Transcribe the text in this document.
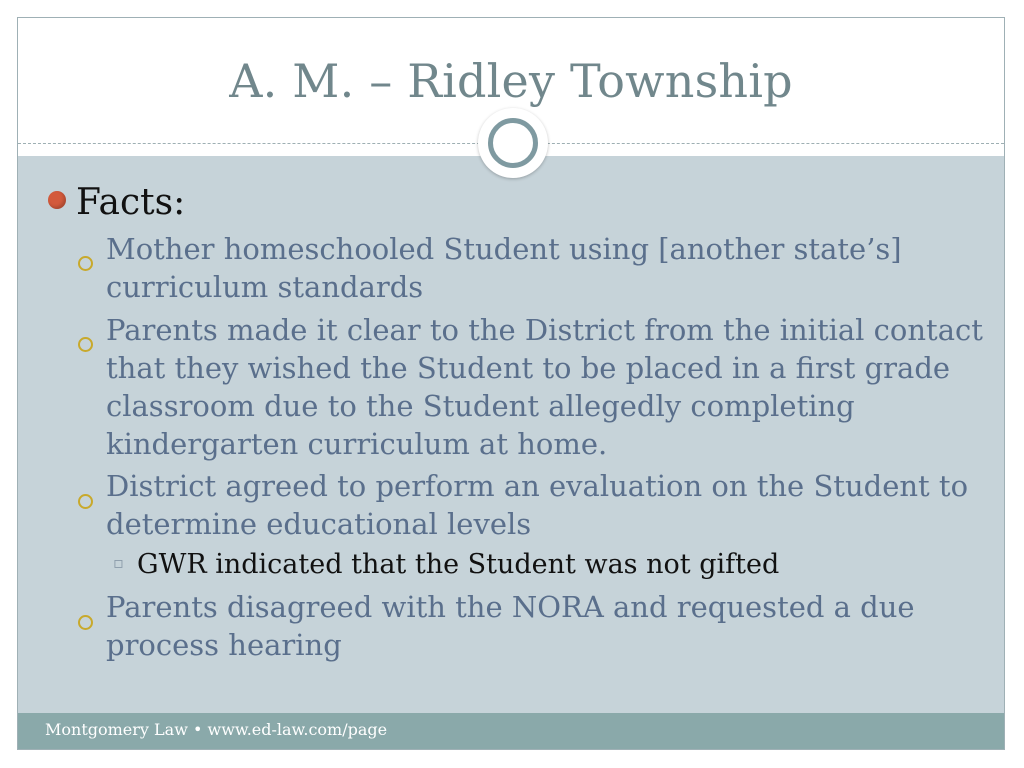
A. M. – Ridley Township
Facts:
Mother homeschooled Student using [another state’s] curriculum standards
Parents made it clear to the District from the initial contact that they wished the Student to be placed in a first grade classroom due to the Student allegedly completing kindergarten curriculum at home.
District agreed to perform an evaluation on the Student to determine educational levels
▫ GWR indicated that the Student was not gifted
Parents disagreed with the NORA and requested a due process hearing
Montgomery Law • www.ed-law.com/page
